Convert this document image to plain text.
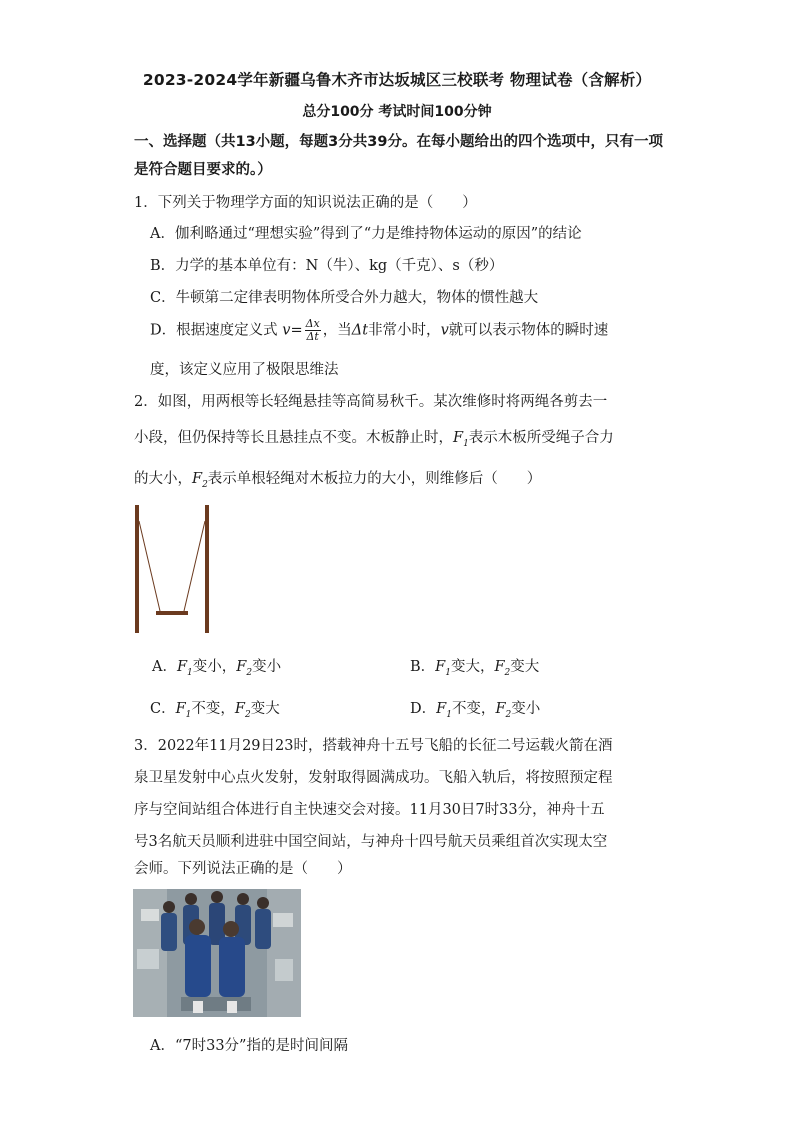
2023-2024学年新疆乌鲁木齐市达坂城区三校联考 物理试卷（含解析）
总分100分 考试时间100分钟
一、选择题（共13小题，每题3分共39分。在每小题给出的四个选项中，只有一项是符合题目要求的。）
1．下列关于物理学方面的知识说法正确的是（　　）
A．伽利略通过“理想实验”得到了“力是维持物体运动的原因”的结论
B．力学的基本单位有：N（牛）、kg（千克）、s（秒）
C．牛顿第二定律表明物体所受合外力越大，物体的惯性越大
D．根据速度定义式 $v= \frac{\Delta x}{\Delta t}$ ，当Δt非常小时，v就可以表示物体的瞬时速
度，该定义应用了极限思维法
2．如图，用两根等长轻绳悬挂等高简易秋千。某次维修时将两绳各剪去一
小段，但仍保持等长且悬挂点不变。木板静止时，$F_1$表示木板所受绳子合力
的大小，$F_2$表示单根轻绳对木板拉力的大小，则维修后（　　）
A．$F_1$变小，$F_2$变小	B．$F_1$变大，$F_2$变大
C．$F_1$不变，$F_2$变大	D．$F_1$不变，$F_2$变小
3．2022年11月29日23时，搭载神舟十五号飞船的长征二号运载火箭在酒
泉卫星发射中心点火发射，发射取得圆满成功。飞船入轨后，将按照预定程
序与空间站组合体进行自主快速交会对接。11月30日7时33分，神舟十五
号3名航天员顺利进驻中国空间站，与神舟十四号航天员乘组首次实现太空
会师。下列说法正确的是（　　）
A．“7时33分”指的是时间间隔
